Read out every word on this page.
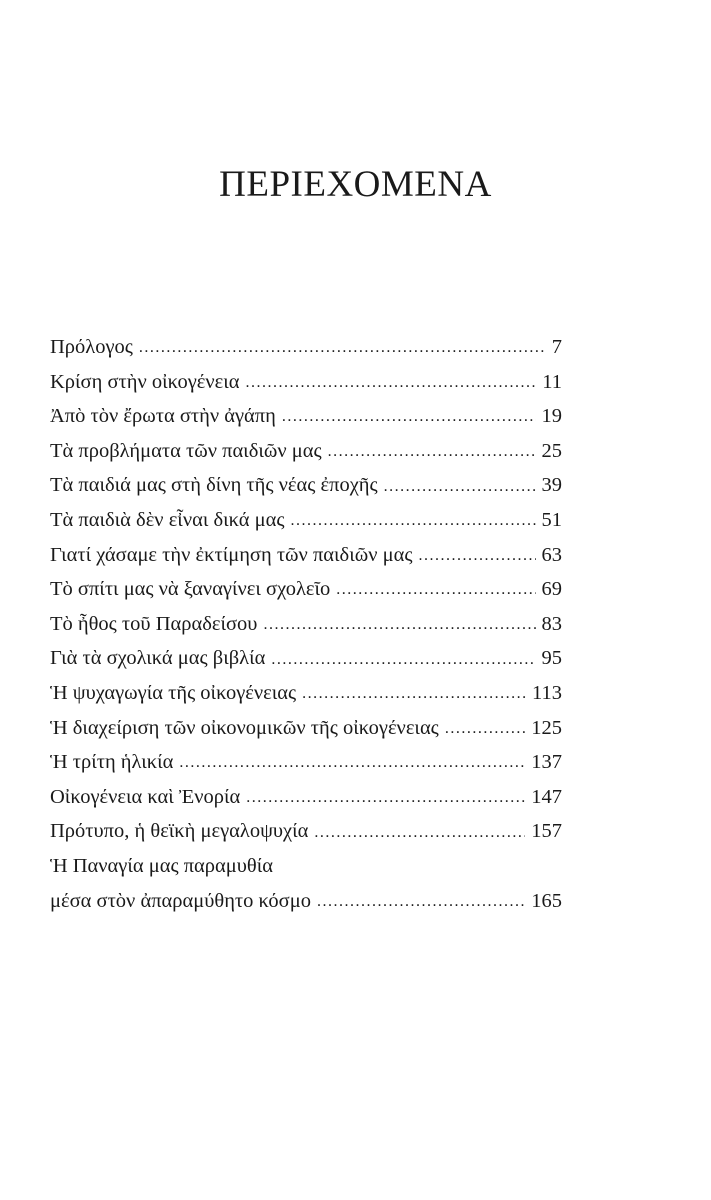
ΠΕΡΙΕΧΟΜΕΝΑ
Πρόλογος .....	7
Κρίση στὴν οἰκογένεια .....	11
Ἀπὸ τὸν ἔρωτα στὴν ἀγάπη .....	19
Τὰ προβλήματα τῶν παιδιῶν μας .....	25
Τὰ παιδιά μας στὴ δίνη τῆς νέας ἐποχῆς .....	39
Τὰ παιδιὰ δὲν εἶναι δικά μας .....	51
Γιατί χάσαμε τὴν ἐκτίμηση τῶν παιδιῶν μας .....	63
Τὸ σπίτι μας νὰ ξαναγίνει σχολεῖο .....	69
Τὸ ἦθος τοῦ Παραδείσου .....	83
Γιὰ τὰ σχολικά μας βιβλία .....	95
Ἡ ψυχαγωγία τῆς οἰκογένειας .....	113
Ἡ διαχείριση τῶν οἰκονομικῶν τῆς οἰκογένειας .....	125
Ἡ τρίτη ἡλικία .....	137
Οἰκογένεια καὶ Ἐνορία .....	147
Πρότυπο, ἡ θεϊκὴ μεγαλοψυχία .....	157
Ἡ Παναγία μας παραμυθία
μέσα στὸν ἀπαραμύθητο κόσμο .....	165
